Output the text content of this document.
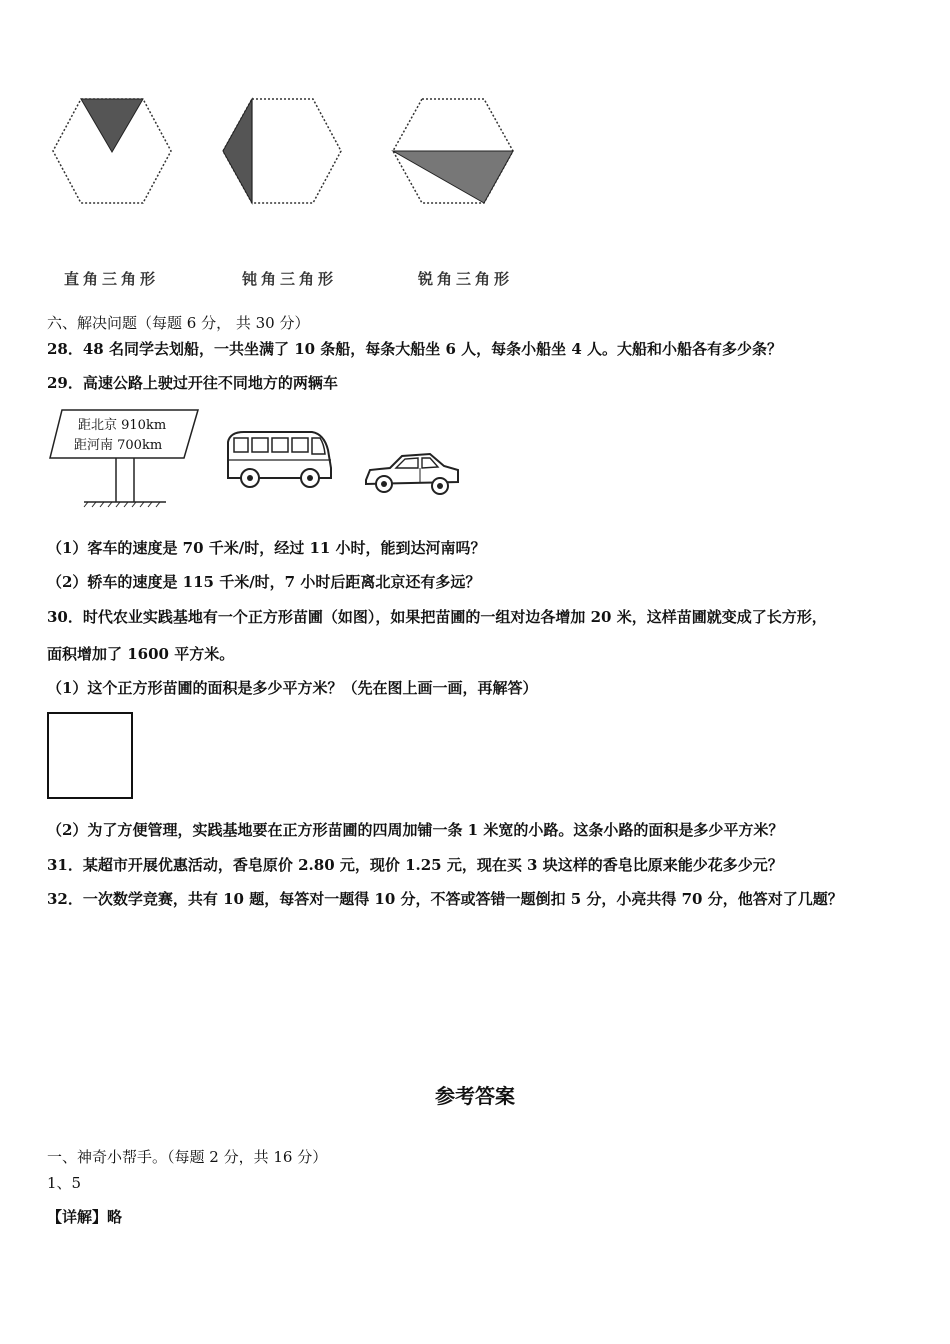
直角三角形	钝角三角形	锐角三角形
六、解决问题（每题 6 分， 共 30 分）
28．48 名同学去划船，一共坐满了 10 条船，每条大船坐 6 人，每条小船坐 4 人。大船和小船各有多少条？
29．高速公路上驶过开往不同地方的两辆车
距北京 910km
距河南 700km
（1）客车的速度是 70 千米/时，经过 11 小时，能到达河南吗？
（2）轿车的速度是 115 千米/时，7 小时后距离北京还有多远？
30．时代农业实践基地有一个正方形苗圃（如图），如果把苗圃的一组对边各增加 20 米，这样苗圃就变成了长方形，
面积增加了 1600 平方米。
（1）这个正方形苗圃的面积是多少平方米？（先在图上画一画，再解答）
（2）为了方便管理，实践基地要在正方形苗圃的四周加铺一条 1 米宽的小路。这条小路的面积是多少平方米？
31．某超市开展优惠活动，香皂原价 2.80 元，现价 1.25 元，现在买 3 块这样的香皂比原来能少花多少元？
32．一次数学竞赛，共有 10 题，每答对一题得 10 分，不答或答错一题倒扣 5 分，小亮共得 70 分，他答对了几题？
参考答案
一、神奇小帮手。（每题 2 分，共 16 分）
1、5
【详解】略
